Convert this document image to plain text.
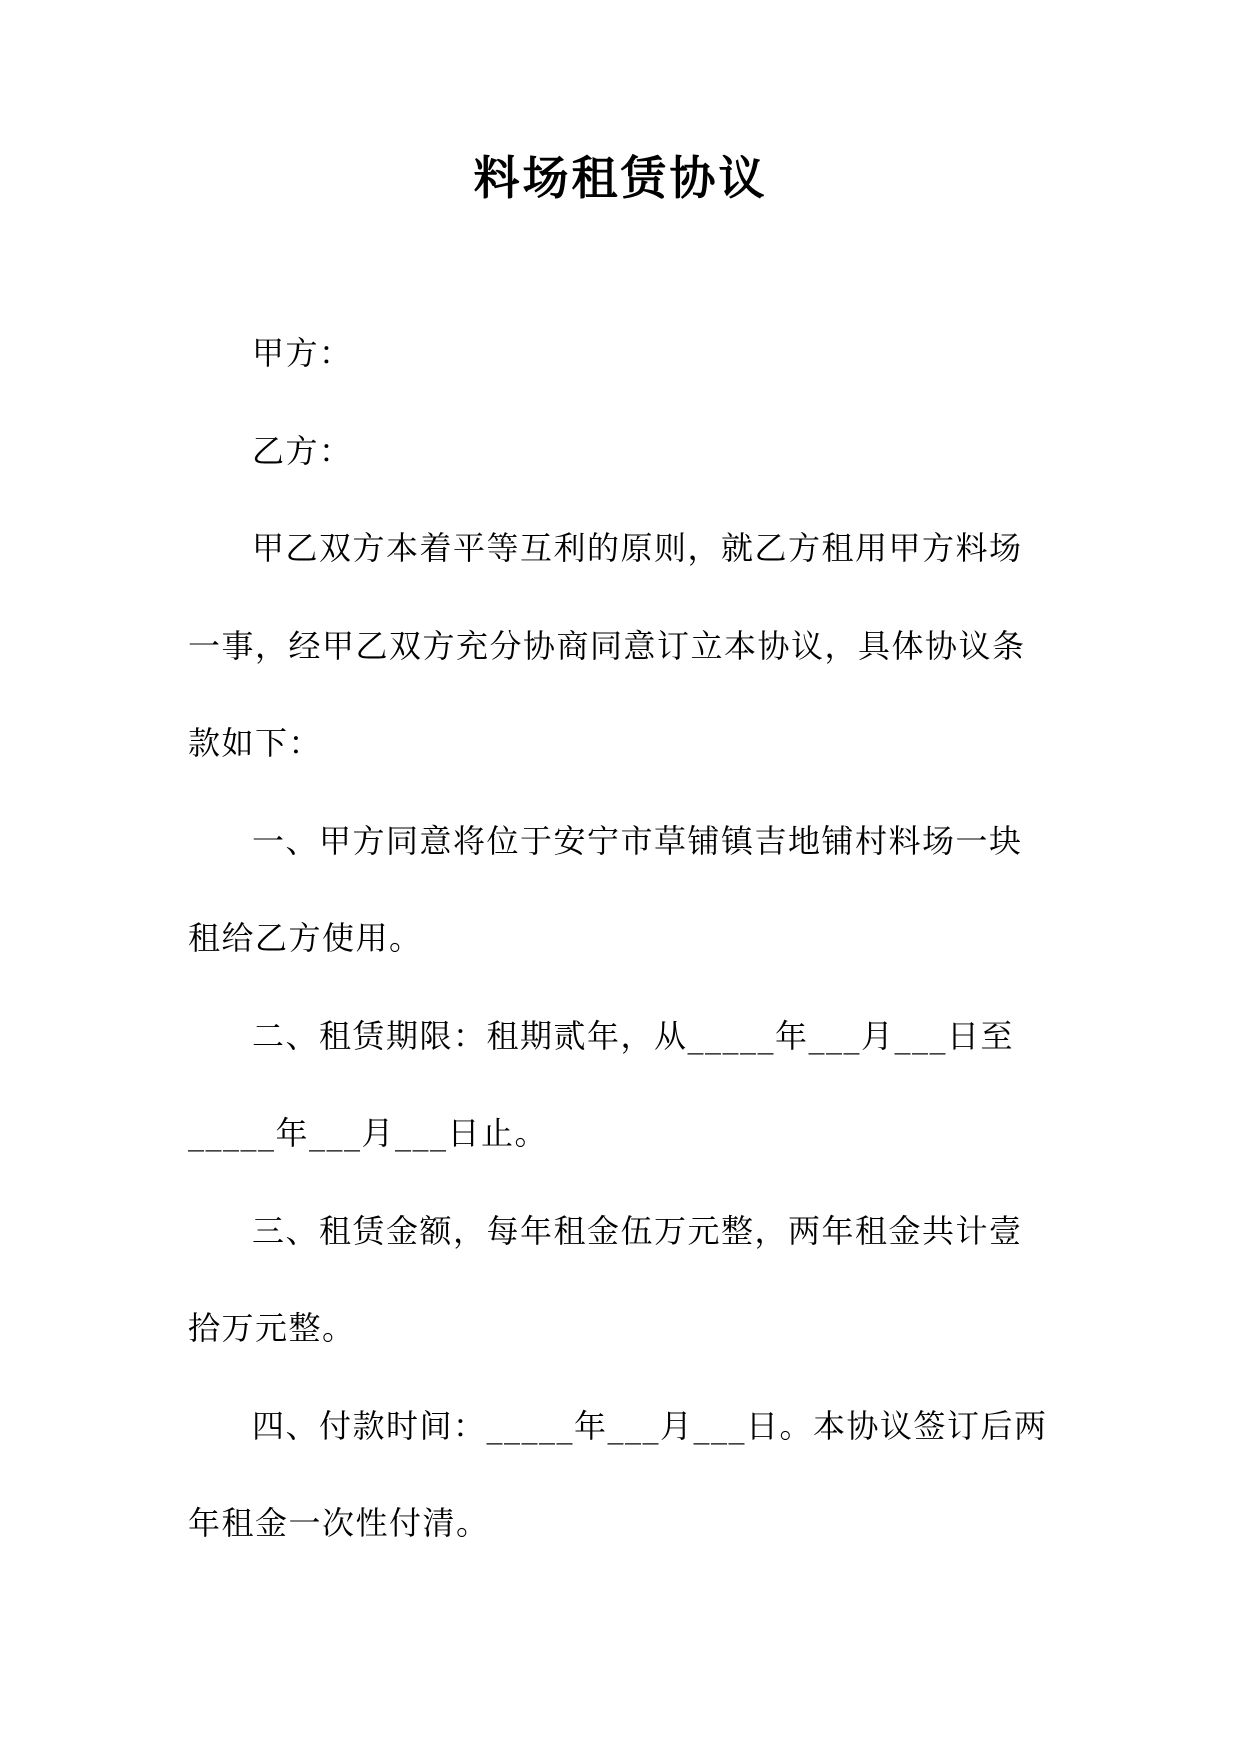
料场租赁协议

甲方：

乙方：

甲乙双方本着平等互利的原则，就乙方租用甲方料场一事，经甲乙双方充分协商同意订立本协议，具体协议条款如下：

一、甲方同意将位于安宁市草铺镇吉地铺村料场一块租给乙方使用。

二、租赁期限：租期贰年，从_____年___月___日至_____年___月___日止。

三、租赁金额，每年租金伍万元整，两年租金共计壹拾万元整。

四、付款时间：_____年___月___日。本协议签订后两年租金一次性付清。
